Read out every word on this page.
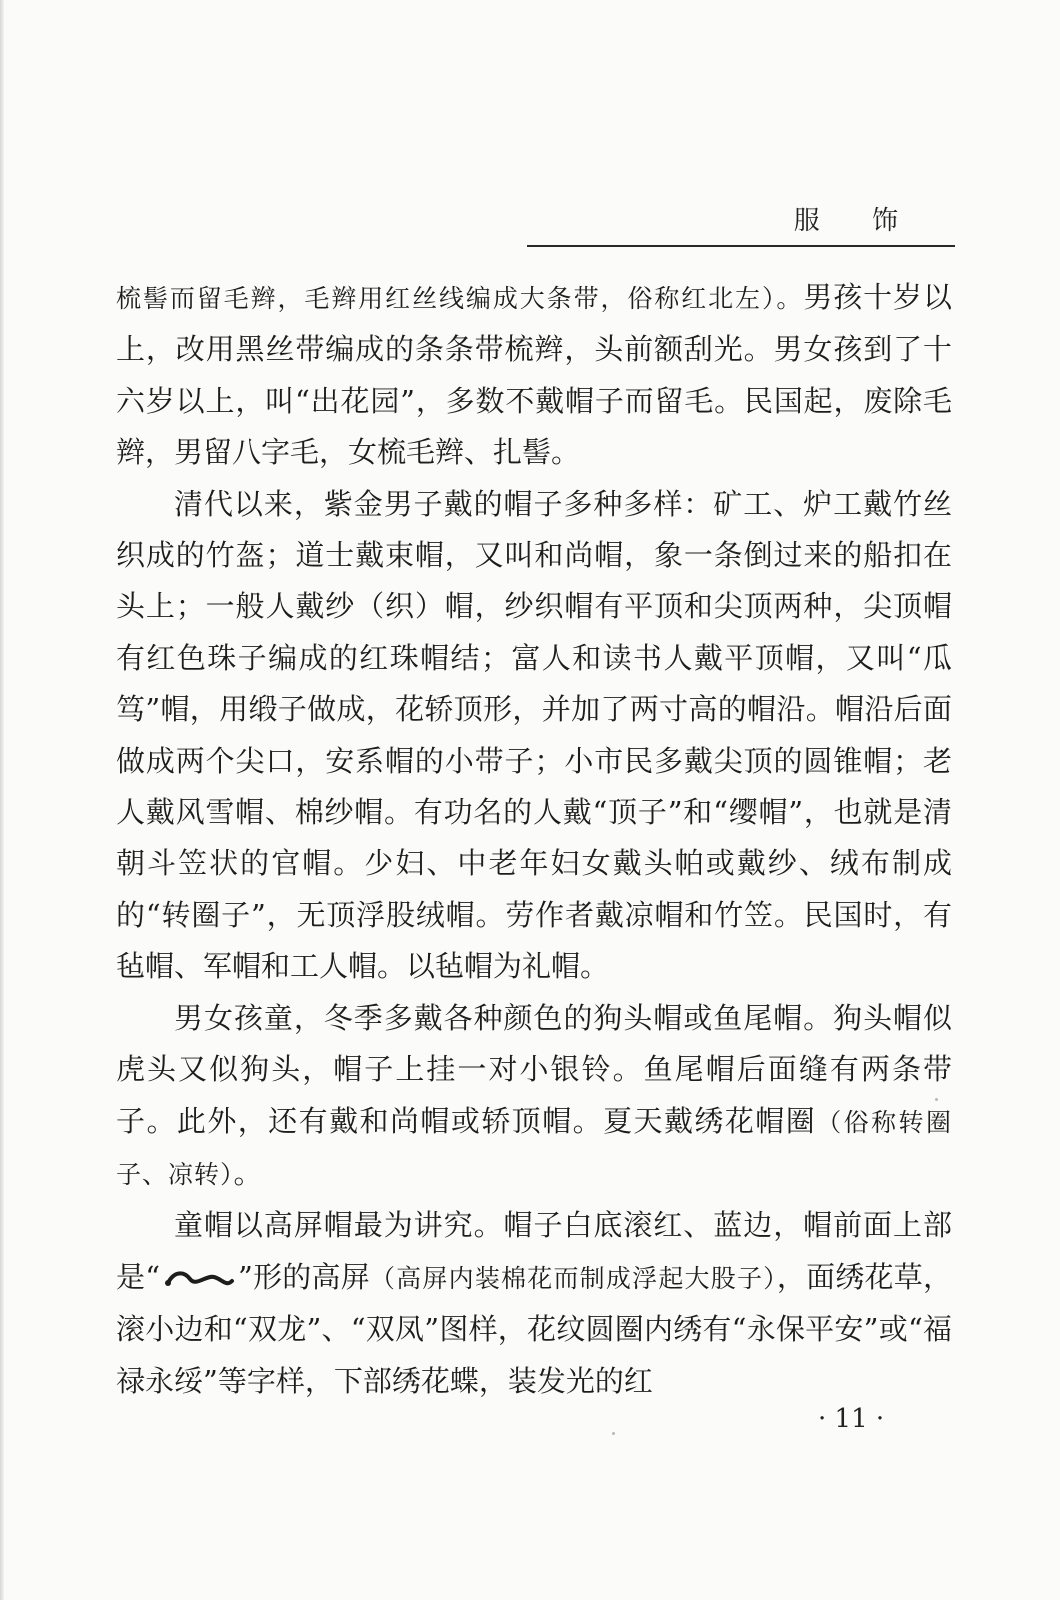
服 饰

梳髻而留毛辫，毛辫用红丝线编成大条带，俗称红北左）。男孩十岁以上，改用黑丝带编成的条条带梳辫，头前额刮光。男女孩到了十六岁以上，叫“出花园”，多数不戴帽子而留毛。民国起，废除毛辫，男留八字毛，女梳毛辫、扎髻。

清代以来，紫金男子戴的帽子多种多样：矿工、炉工戴竹丝织成的竹盔；道士戴束帽，又叫和尚帽，象一条倒过来的船扣在头上；一般人戴纱（织）帽，纱织帽有平顶和尖顶两种，尖顶帽有红色珠子编成的红珠帽结；富人和读书人戴平顶帽，又叫“瓜笃”帽，用缎子做成，花轿顶形，并加了两寸高的帽沿。帽沿后面做成两个尖口，安系帽的小带子；小市民多戴尖顶的圆锥帽；老人戴风雪帽、棉纱帽。有功名的人戴“顶子”和“缨帽”，也就是清朝斗笠状的官帽。少妇、中老年妇女戴头帕或戴纱、绒布制成的“转圈子”，无顶浮股绒帽。劳作者戴凉帽和竹笠。民国时，有毡帽、军帽和工人帽。以毡帽为礼帽。

男女孩童，冬季多戴各种颜色的狗头帽或鱼尾帽。狗头帽似虎头又似狗头，帽子上挂一对小银铃。鱼尾帽后面缝有两条带子。此外，还有戴和尚帽或轿顶帽。夏天戴绣花帽圈（俗称转圈子、凉转）。

童帽以高屏帽最为讲究。帽子白底滚红、蓝边，帽前面上部是“	”形的高屏（高屏内装棉花而制成浮起大股子），面绣花草，滚小边和“双龙”、“双凤”图样，花纹圆圈内绣有“永保平安”或“福禄永绥”等字样，下部绣花蝶，装发光的红

· 11 ·
